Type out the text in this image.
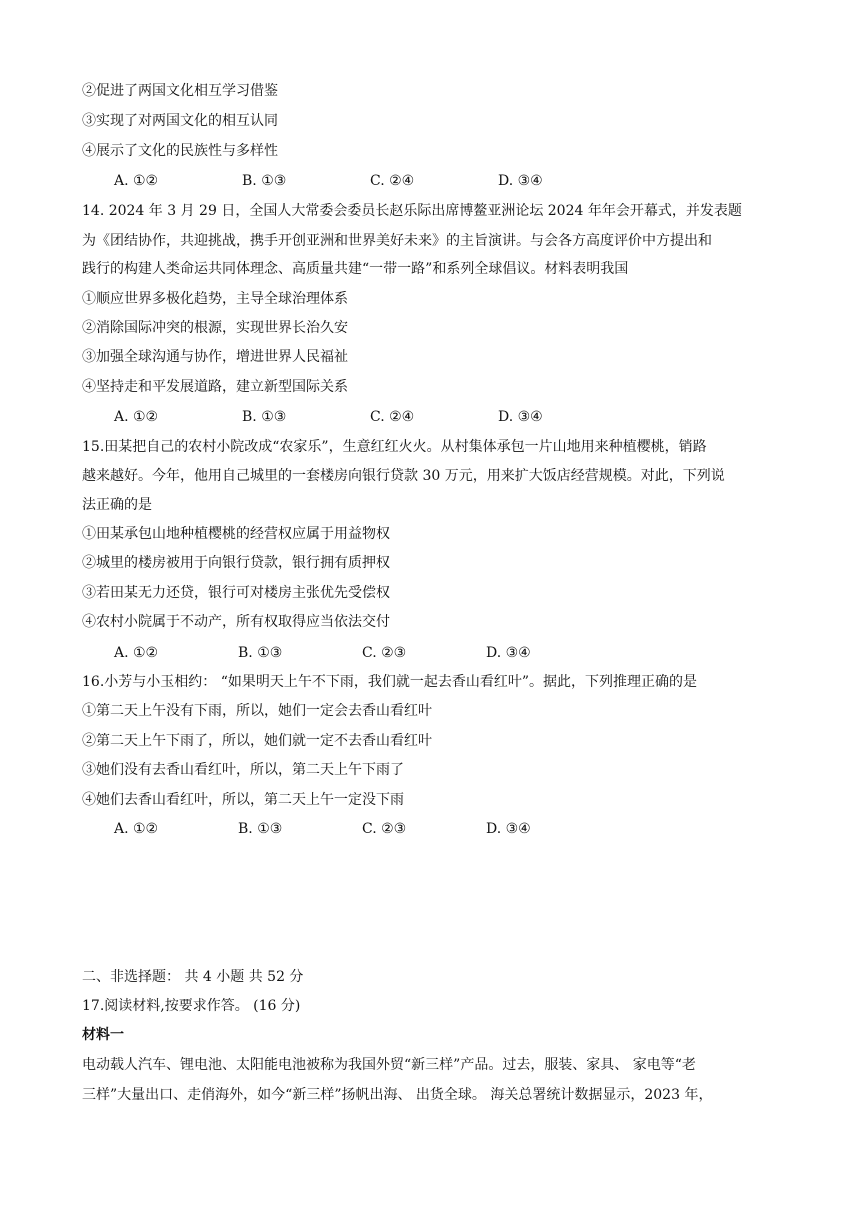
②促进了两国文化相互学习借鉴
③实现了对两国文化的相互认同
④展示了文化的民族性与多样性
A. ①②	B. ①③	C. ②④	D. ③④
14. 2024 年 3 月 29 日，全国人大常委会委员长赵乐际出席博鳌亚洲论坛 2024 年年会开幕式，并发表题
为《团结协作，共迎挑战，携手开创亚洲和世界美好未来》的主旨演讲。与会各方高度评价中方提出和
践行的构建人类命运共同体理念、高质量共建“一带一路”和系列全球倡议。材料表明我国
①顺应世界多极化趋势，主导全球治理体系
②消除国际冲突的根源，实现世界长治久安
③加强全球沟通与协作，增进世界人民福祉
④坚持走和平发展道路，建立新型国际关系
A. ①②	B. ①③	C. ②④	D. ③④
15.田某把自己的农村小院改成“农家乐”，生意红红火火。从村集体承包一片山地用来种植樱桃，销路
越来越好。今年，他用自己城里的一套楼房向银行贷款 30 万元，用来扩大饭店经营规模。对此，下列说
法正确的是
①田某承包山地种植樱桃的经营权应属于用益物权
②城里的楼房被用于向银行贷款，银行拥有质押权
③若田某无力还贷，银行可对楼房主张优先受偿权
④农村小院属于不动产，所有权取得应当依法交付
A. ①②	B. ①③	C. ②③	D. ③④
16.小芳与小玉相约： “如果明天上午不下雨，我们就一起去香山看红叶”。据此，下列推理正确的是
①第二天上午没有下雨，所以，她们一定会去香山看红叶
②第二天上午下雨了，所以，她们就一定不去香山看红叶
③她们没有去香山看红叶，所以，第二天上午下雨了
④她们去香山看红叶，所以，第二天上午一定没下雨
A. ①②	B. ①③	C. ②③	D. ③④
二、非选择题： 共 4 小题 共 52 分
17.阅读材料,按要求作答。 (16 分)
材料一
电动载人汽车、锂电池、太阳能电池被称为我国外贸“新三样”产品。过去，服装、家具、 家电等“老
三样”大量出口、走俏海外，如今“新三样”扬帆出海、 出货全球。 海关总署统计数据显示，2023 年，
